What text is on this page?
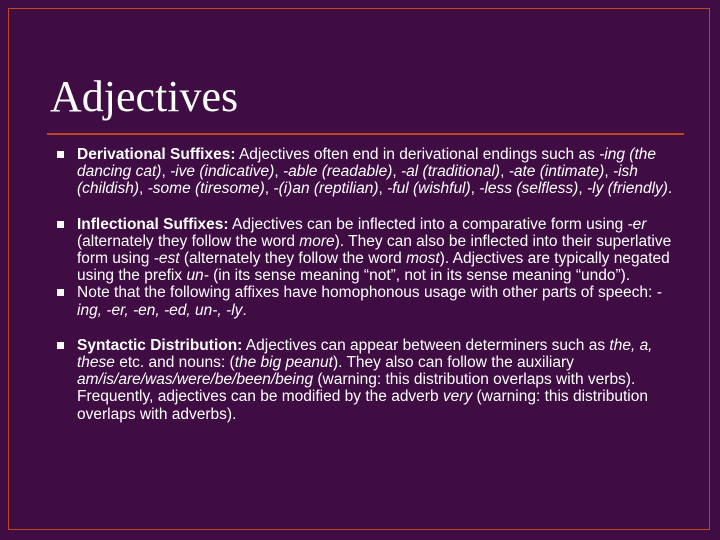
Adjectives
Derivational Suffixes: Adjectives often end in derivational endings such as -ing (the dancing cat), -ive (indicative), -able (readable), -al (traditional), -ate (intimate), -ish (childish), -some (tiresome), -(i)an (reptilian), -ful (wishful), -less (selfless), -ly (friendly).
Inflectional Suffixes: Adjectives can be inflected into a comparative form using -er (alternately they follow the word more). They can also be inflected into their superlative form using -est (alternately they follow the word most). Adjectives are typically negated using the prefix un- (in its sense meaning “not”, not in its sense meaning “undo”).
Note that the following affixes have homophonous usage with other parts of speech: -ing, -er, -en, -ed, un-, -ly.
Syntactic Distribution: Adjectives can appear between determiners such as the, a, these etc. and nouns: (the big peanut). They also can follow the auxiliary am/is/are/was/were/be/been/being (warning: this distribution overlaps with verbs). Frequently, adjectives can be modified by the adverb very (warning: this distribution overlaps with adverbs).
